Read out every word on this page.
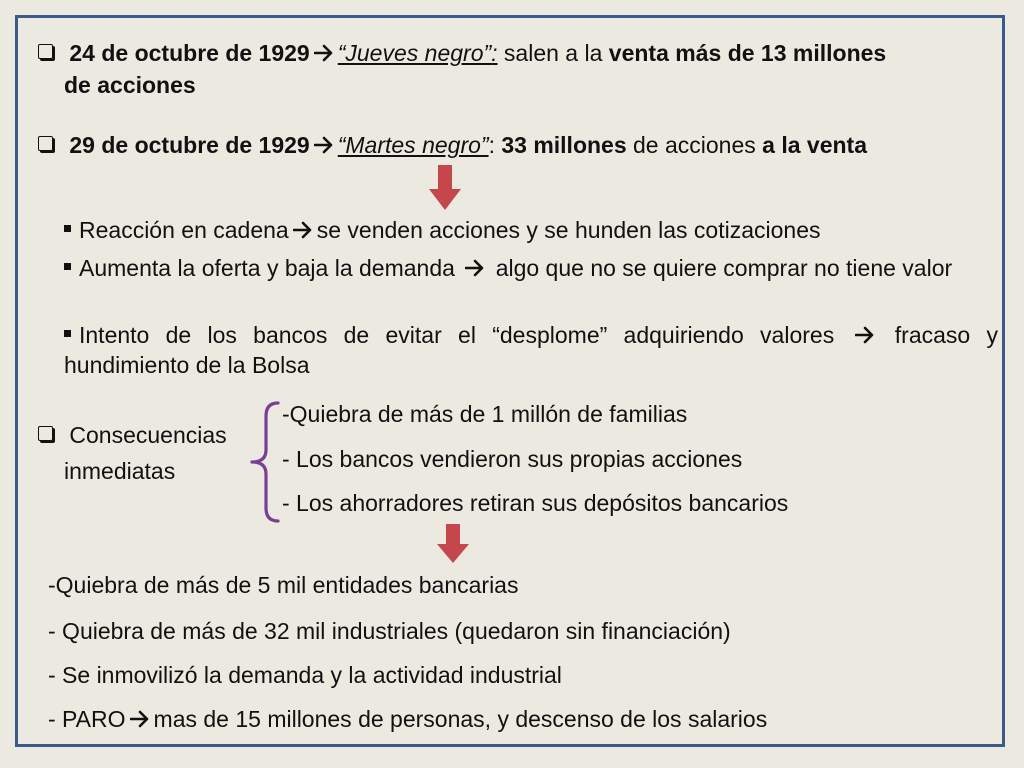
24 de octubre de 1929 “Jueves negro”: salen a la venta más de 13 millones
de acciones
29 de octubre de 1929 “Martes negro”: 33 millones de acciones a la venta
Reacción en cadena se venden acciones y se hunden las cotizaciones
Aumenta la oferta y baja la demanda algo que no se quiere comprar no tiene valor
Intento de los bancos de evitar el “desplome” adquiriendo valores	fracaso y hundimiento de la Bolsa
Consecuencias
inmediatas
-Quiebra de más de 1 millón de familias
- Los bancos vendieron sus propias acciones
- Los ahorradores retiran sus depósitos bancarios
-Quiebra de más de 5 mil entidades bancarias
- Quiebra de más de 32 mil industriales (quedaron sin financiación)
- Se inmovilizó la demanda y la actividad industrial
- PARO mas de 15 millones de personas, y descenso de los salarios
